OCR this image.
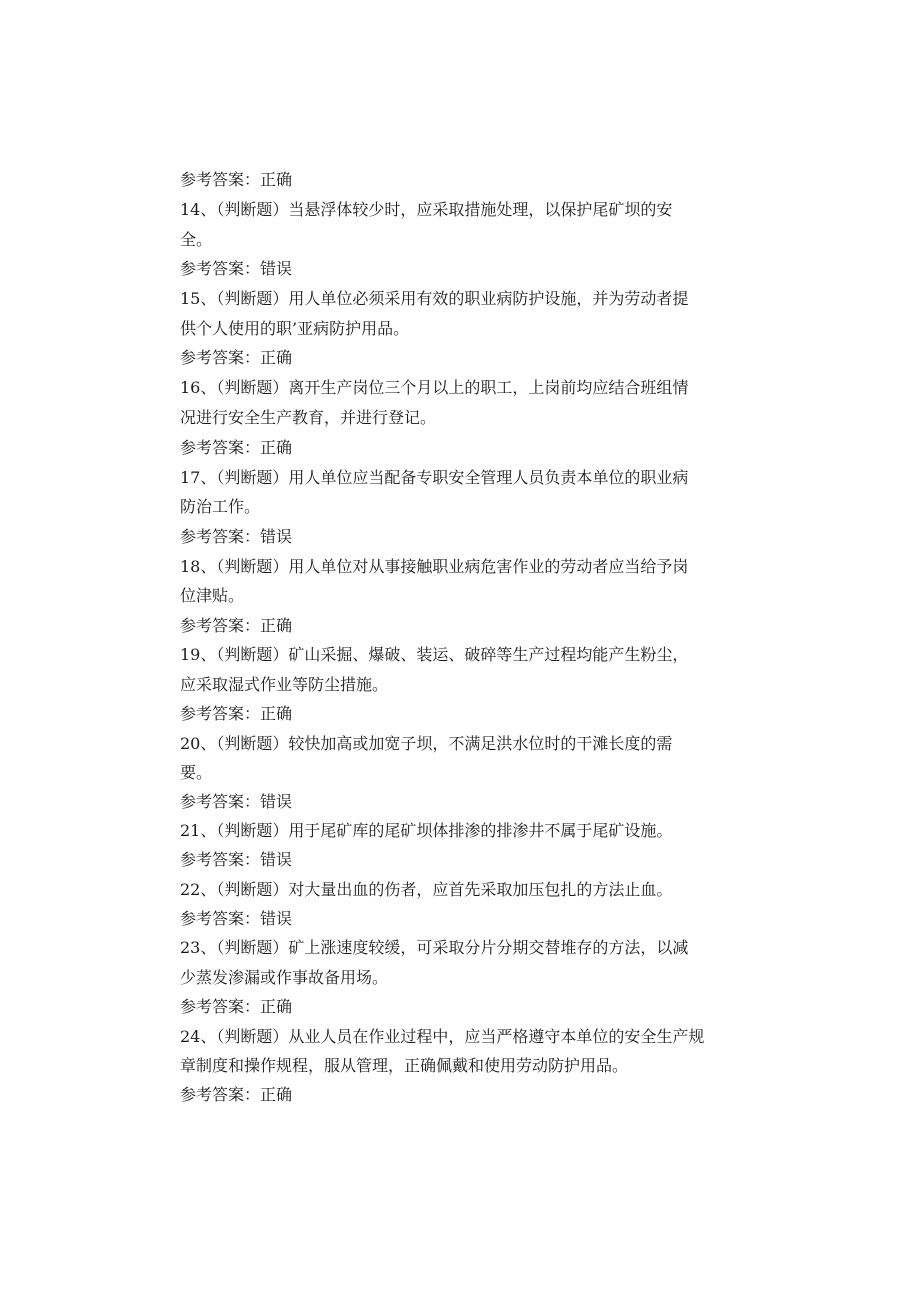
参考答案：正确
14、（判断题）当悬浮体较少时，应采取措施处理，以保护尾矿坝的安
全。
参考答案：错误
15、（判断题）用人单位必须采用有效的职业病防护设施，并为劳动者提
供个人使用的职’亚病防护用品。
参考答案：正确
16、（判断题）离开生产岗位三个月以上的职工，上岗前均应结合班组情
况进行安全生产教育，并进行登记。
参考答案：正确
17、（判断题）用人单位应当配备专职安全管理人员负责本单位的职业病
防治工作。
参考答案：错误
18、（判断题）用人单位对从事接触职业病危害作业的劳动者应当给予岗
位津贴。
参考答案：正确
19、（判断题）矿山采掘、爆破、装运、破碎等生产过程均能产生粉尘，
应采取湿式作业等防尘措施。
参考答案：正确
20、（判断题）较快加高或加宽子坝，不满足洪水位时的干滩长度的需
要。
参考答案：错误
21、（判断题）用于尾矿库的尾矿坝体排渗的排渗井不属于尾矿设施。
参考答案：错误
22、（判断题）对大量出血的伤者，应首先采取加压包扎的方法止血。
参考答案：错误
23、（判断题）矿上涨速度较缓，可采取分片分期交替堆存的方法，以减
少蒸发渗漏或作事故备用场。
参考答案：正确
24、（判断题）从业人员在作业过程中，应当严格遵守本单位的安全生产规
章制度和操作规程，服从管理，正确佩戴和使用劳动防护用品。
参考答案：正确
